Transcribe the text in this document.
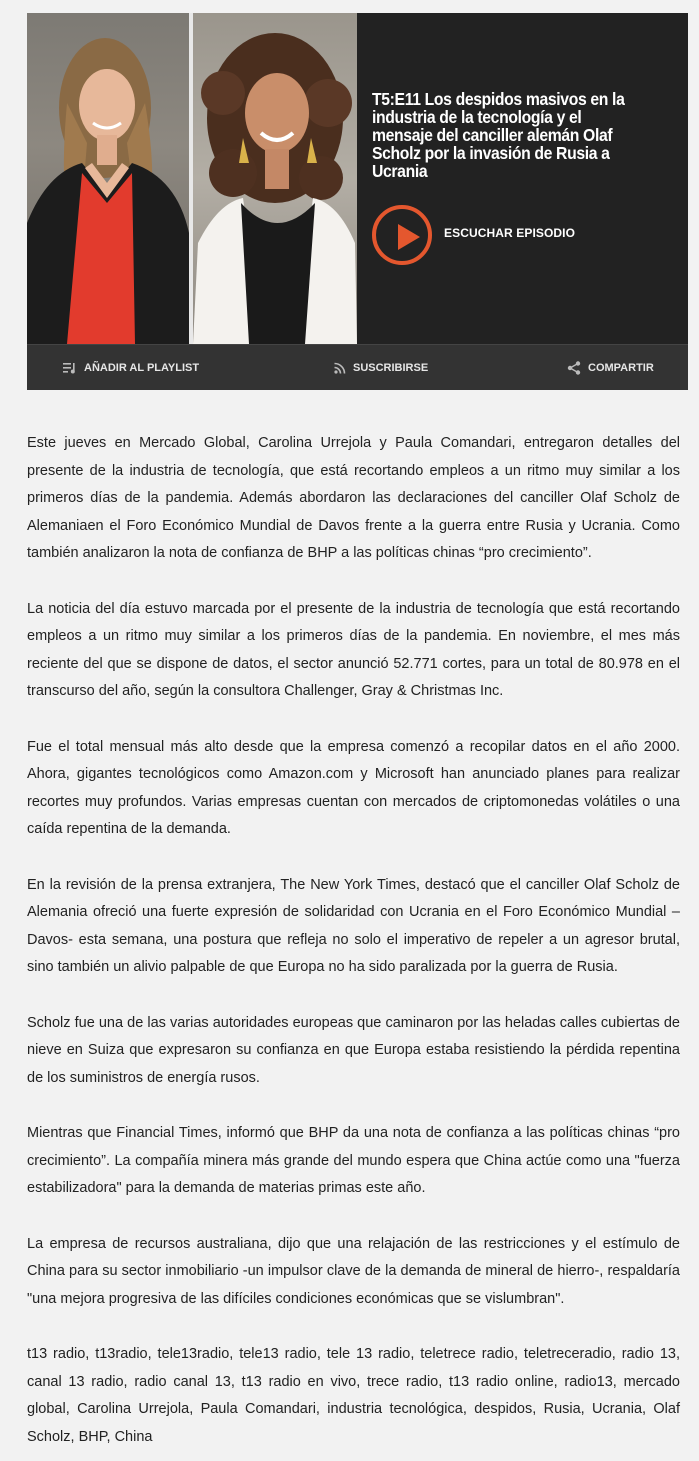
T5:E11 Los despidos masivos en la industria de la tecnología y el mensaje del canciller alemán Olaf Scholz por la invasión de Rusia a Ucrania
ESCUCHAR EPISODIO
AÑADIR AL PLAYLIST	SUSCRIBIRSE	COMPARTIR

Este jueves en Mercado Global, Carolina Urrejola y Paula Comandari, entregaron detalles del presente de la industria de tecnología, que está recortando empleos a un ritmo muy similar a los primeros días de la pandemia. Además abordaron las declaraciones del canciller Olaf Scholz de Alemaniaen el Foro Económico Mundial de Davos frente a la guerra entre Rusia y Ucrania. Como también analizaron la nota de confianza de BHP a las políticas chinas “pro crecimiento”.

La noticia del día estuvo marcada por el presente de la industria de tecnología que está recortando empleos a un ritmo muy similar a los primeros días de la pandemia. En noviembre, el mes más reciente del que se dispone de datos, el sector anunció 52.771 cortes, para un total de 80.978 en el transcurso del año, según la consultora Challenger, Gray & Christmas Inc.

Fue el total mensual más alto desde que la empresa comenzó a recopilar datos en el año 2000. Ahora, gigantes tecnológicos como Amazon.com y Microsoft han anunciado planes para realizar recortes muy profundos. Varias empresas cuentan con mercados de criptomonedas volátiles o una caída repentina de la demanda.

En la revisión de la prensa extranjera, The New York Times, destacó que el canciller Olaf Scholz de Alemania ofreció una fuerte expresión de solidaridad con Ucrania en el Foro Económico Mundial –Davos- esta semana, una postura que refleja no solo el imperativo de repeler a un agresor brutal, sino también un alivio palpable de que Europa no ha sido paralizada por la guerra de Rusia.

Scholz fue una de las varias autoridades europeas que caminaron por las heladas calles cubiertas de nieve en Suiza que expresaron su confianza en que Europa estaba resistiendo la pérdida repentina de los suministros de energía rusos.

Mientras que Financial Times, informó que BHP da una nota de confianza a las políticas chinas “pro crecimiento”. La compañía minera más grande del mundo espera que China actúe como una "fuerza estabilizadora" para la demanda de materias primas este año.

La empresa de recursos australiana, dijo que una relajación de las restricciones y el estímulo de China para su sector inmobiliario -un impulsor clave de la demanda de mineral de hierro-, respaldaría "una mejora progresiva de las difíciles condiciones económicas que se vislumbran".

t13 radio, t13radio, tele13radio, tele13 radio, tele 13 radio, teletrece radio, teletreceradio, radio 13, canal 13 radio, radio canal 13, t13 radio en vivo, trece radio, t13 radio online, radio13, mercado global, Carolina Urrejola, Paula Comandari, industria tecnológica, despidos, Rusia, Ucrania, Olaf Scholz, BHP, China
